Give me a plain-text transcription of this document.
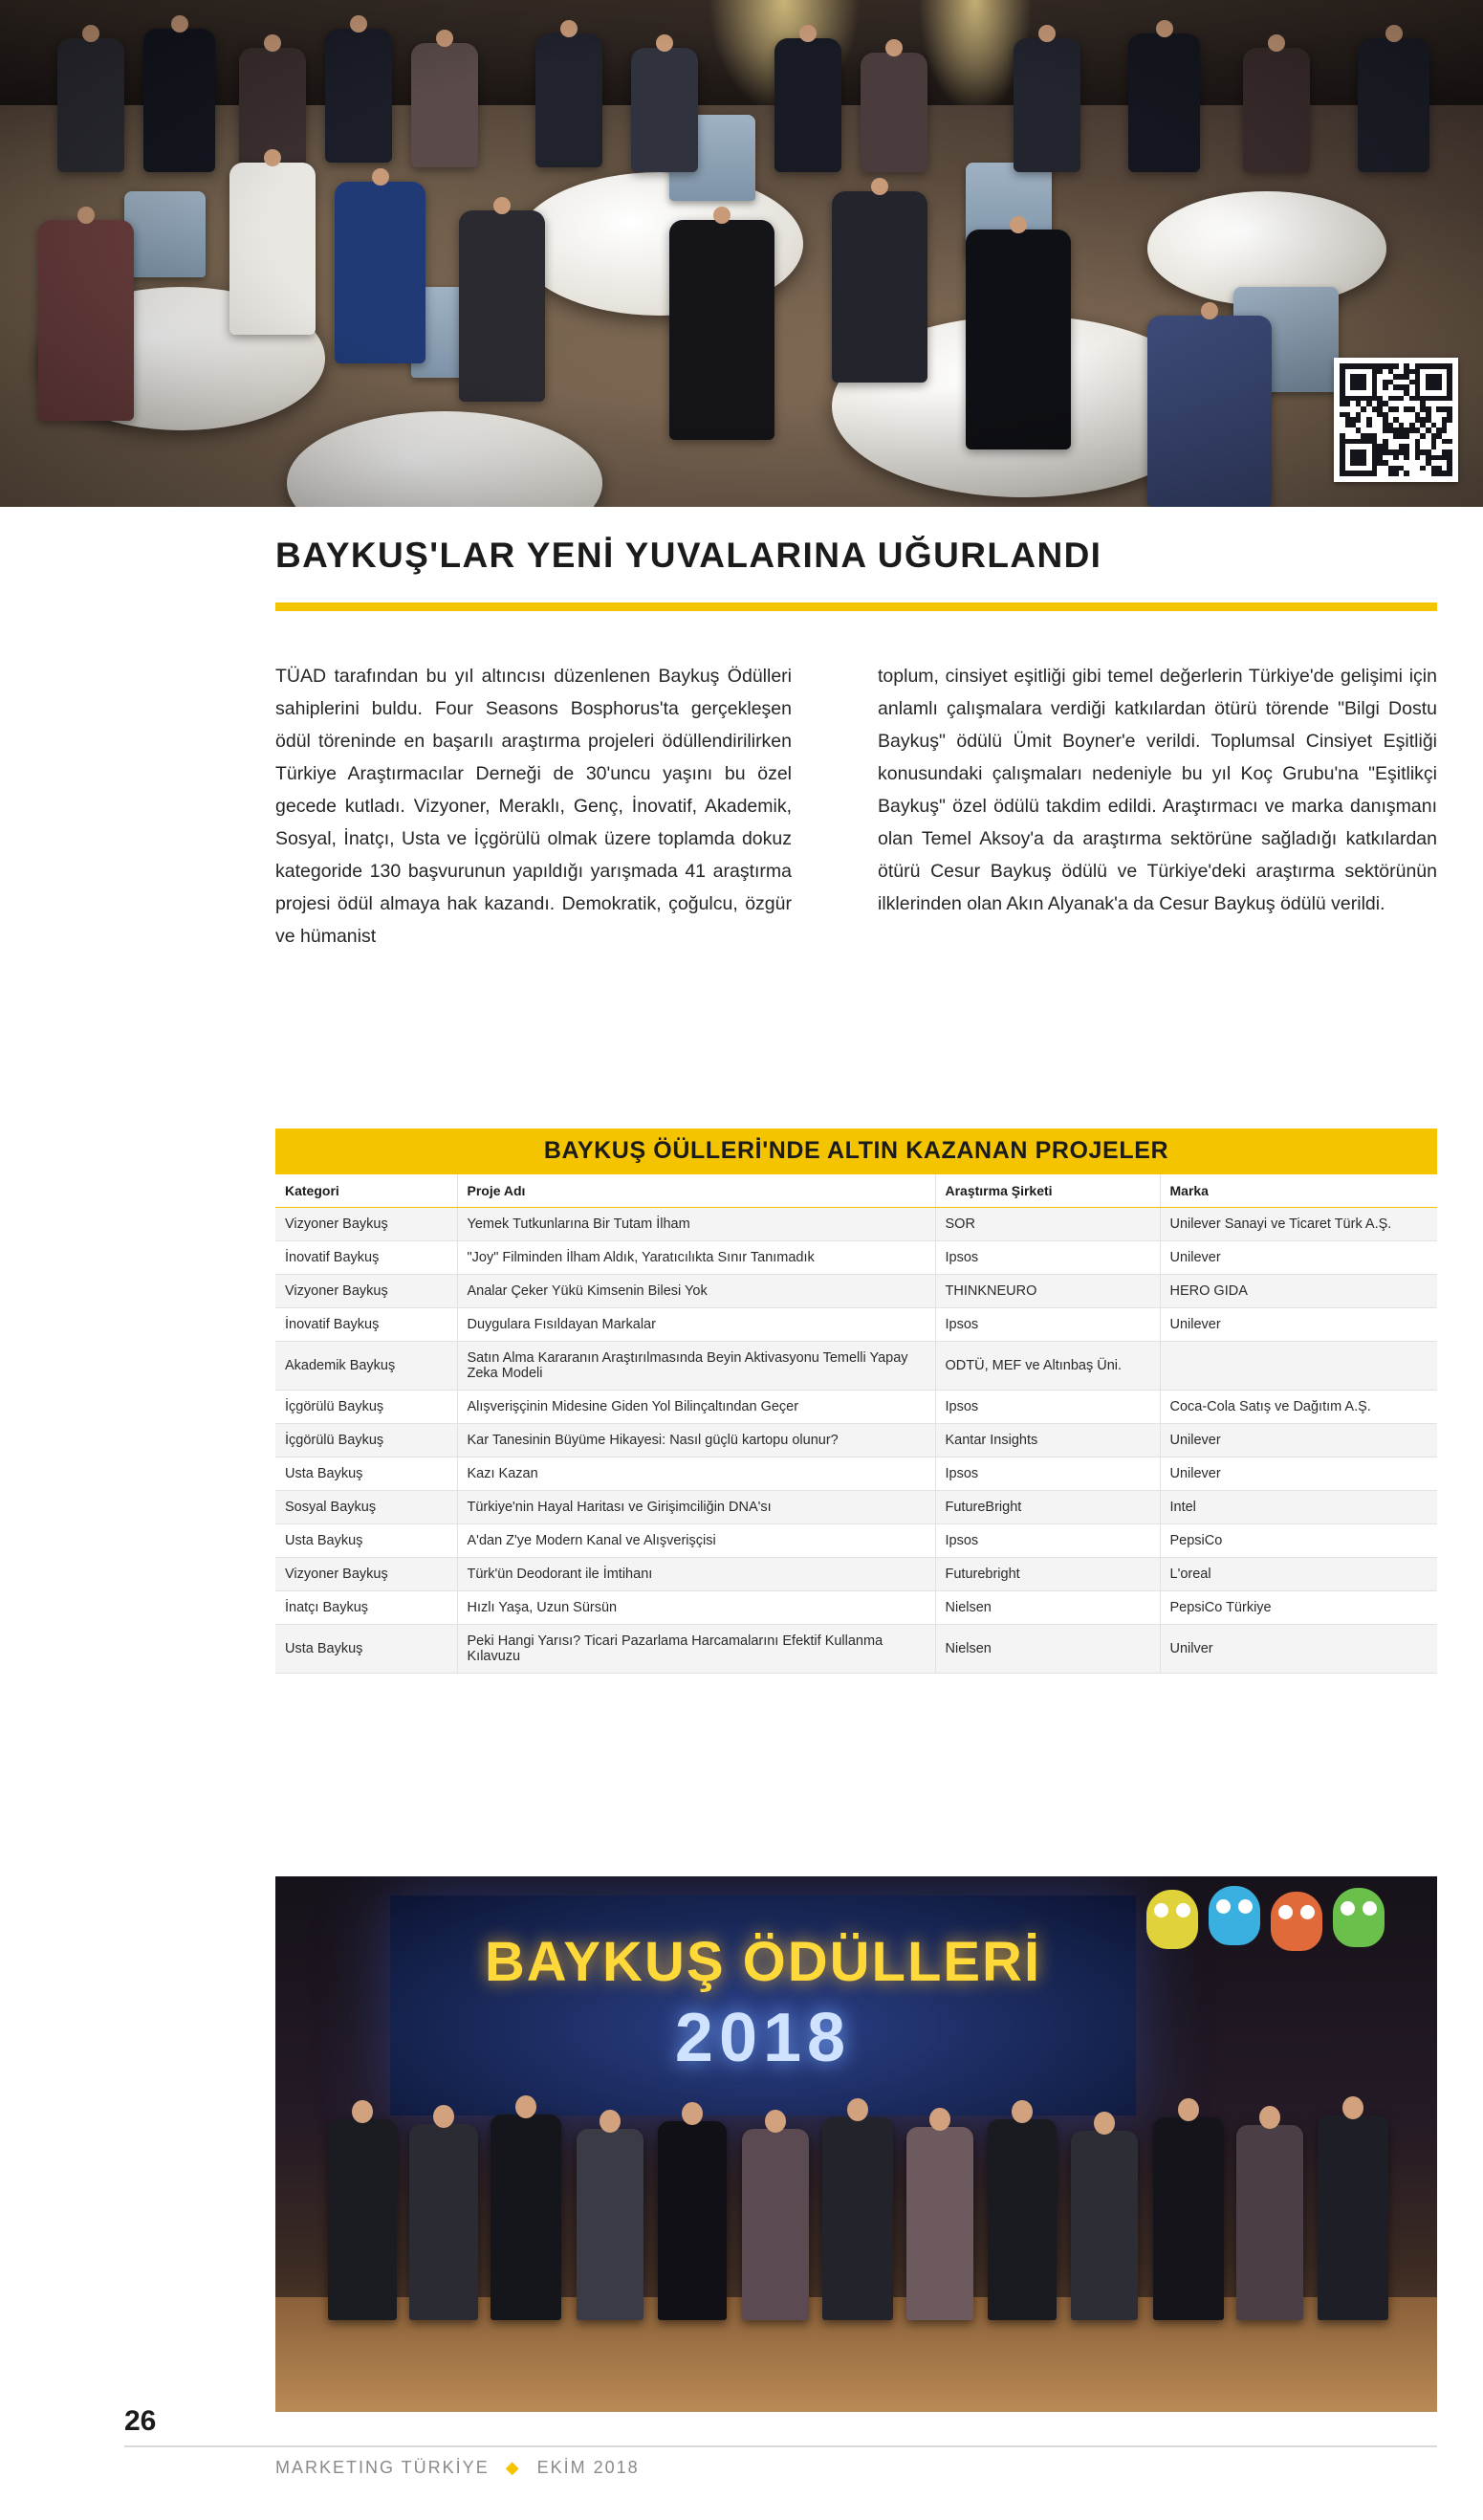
BAYKUŞ'LAR YENİ YUVALARINA UĞURLANDI
TÜAD tarafından bu yıl altıncısı düzenlenen Baykuş Ödülleri sahiplerini buldu. Four Seasons Bosphorus'ta gerçekleşen ödül töreninde en başarılı araştırma projeleri ödüllendirilirken Türkiye Araştırmacılar Derneği de 30'uncu yaşını bu özel gecede kutladı. Vizyoner, Meraklı, Genç, İnovatif, Akademik, Sosyal, İnatçı, Usta ve İçgörülü olmak üzere toplamda dokuz kategoride 130 başvurunun yapıldığı yarışmada 41 araştırma projesi ödül almaya hak kazandı. Demokratik, çoğulcu, özgür ve hümanist
toplum, cinsiyet eşitliği gibi temel değerlerin Türkiye'de gelişimi için anlamlı çalışmalara verdiği katkılardan ötürü törende "Bilgi Dostu Baykuş" ödülü Ümit Boyner'e verildi. Toplumsal Cinsiyet Eşitliği konusundaki çalışmaları nedeniyle bu yıl Koç Grubu'na "Eşitlikçi Baykuş" özel ödülü takdim edildi. Araştırmacı ve marka danışmanı olan Temel Aksoy'a da araştırma sektörüne sağladığı katkılardan ötürü Cesur Baykuş ödülü ve Türkiye'deki araştırma sektörünün ilklerinden olan Akın Alyanak'a da Cesur Baykuş ödülü verildi.
BAYKUŞ ÖÜLLERİ'NDE ALTIN KAZANAN PROJELER
Kategori	Proje Adı	Araştırma Şirketi	Marka
Vizyoner Baykuş	Yemek Tutkunlarına Bir Tutam İlham	SOR	Unilever Sanayi ve Ticaret Türk A.Ş.
İnovatif Baykuş	"Joy" Filminden İlham Aldık, Yaratıcılıkta Sınır Tanımadık	Ipsos	Unilever
Vizyoner Baykuş	Analar Çeker Yükü Kimsenin Bilesi Yok	THINKNEURO	HERO GIDA
İnovatif Baykuş	Duygulara Fısıldayan Markalar	Ipsos	Unilever
Akademik Baykuş	Satın Alma Kararanın Araştırılmasında Beyin Aktivasyonu Temelli Yapay Zeka Modeli	ODTÜ, MEF ve Altınbaş Üni.	
İçgörülü Baykuş	Alışverişçinin Midesine Giden Yol Bilinçaltından Geçer	Ipsos	Coca-Cola Satış ve Dağıtım A.Ş.
İçgörülü Baykuş	Kar Tanesinin Büyüme Hikayesi: Nasıl güçlü kartopu olunur?	Kantar Insights	Unilever
Usta Baykuş	Kazı Kazan	Ipsos	Unilever
Sosyal Baykuş	Türkiye'nin Hayal Haritası ve Girişimciliğin DNA'sı	FutureBright	Intel
Usta Baykuş	A'dan Z'ye Modern Kanal ve Alışverişçisi	Ipsos	PepsiCo
Vizyoner Baykuş	Türk'ün Deodorant ile İmtihanı	Futurebright	L'oreal
İnatçı Baykuş	Hızlı Yaşa, Uzun Sürsün	Nielsen	PepsiCo Türkiye
Usta Baykuş	Peki Hangi Yarısı? Ticari Pazarlama Harcamalarını Efektif Kullanma Kılavuzu	Nielsen	Unilver
BAYKUŞ ÖDÜLLERİ
2018
26
MARKETING TÜRKİYE ◆ EKİM 2018
